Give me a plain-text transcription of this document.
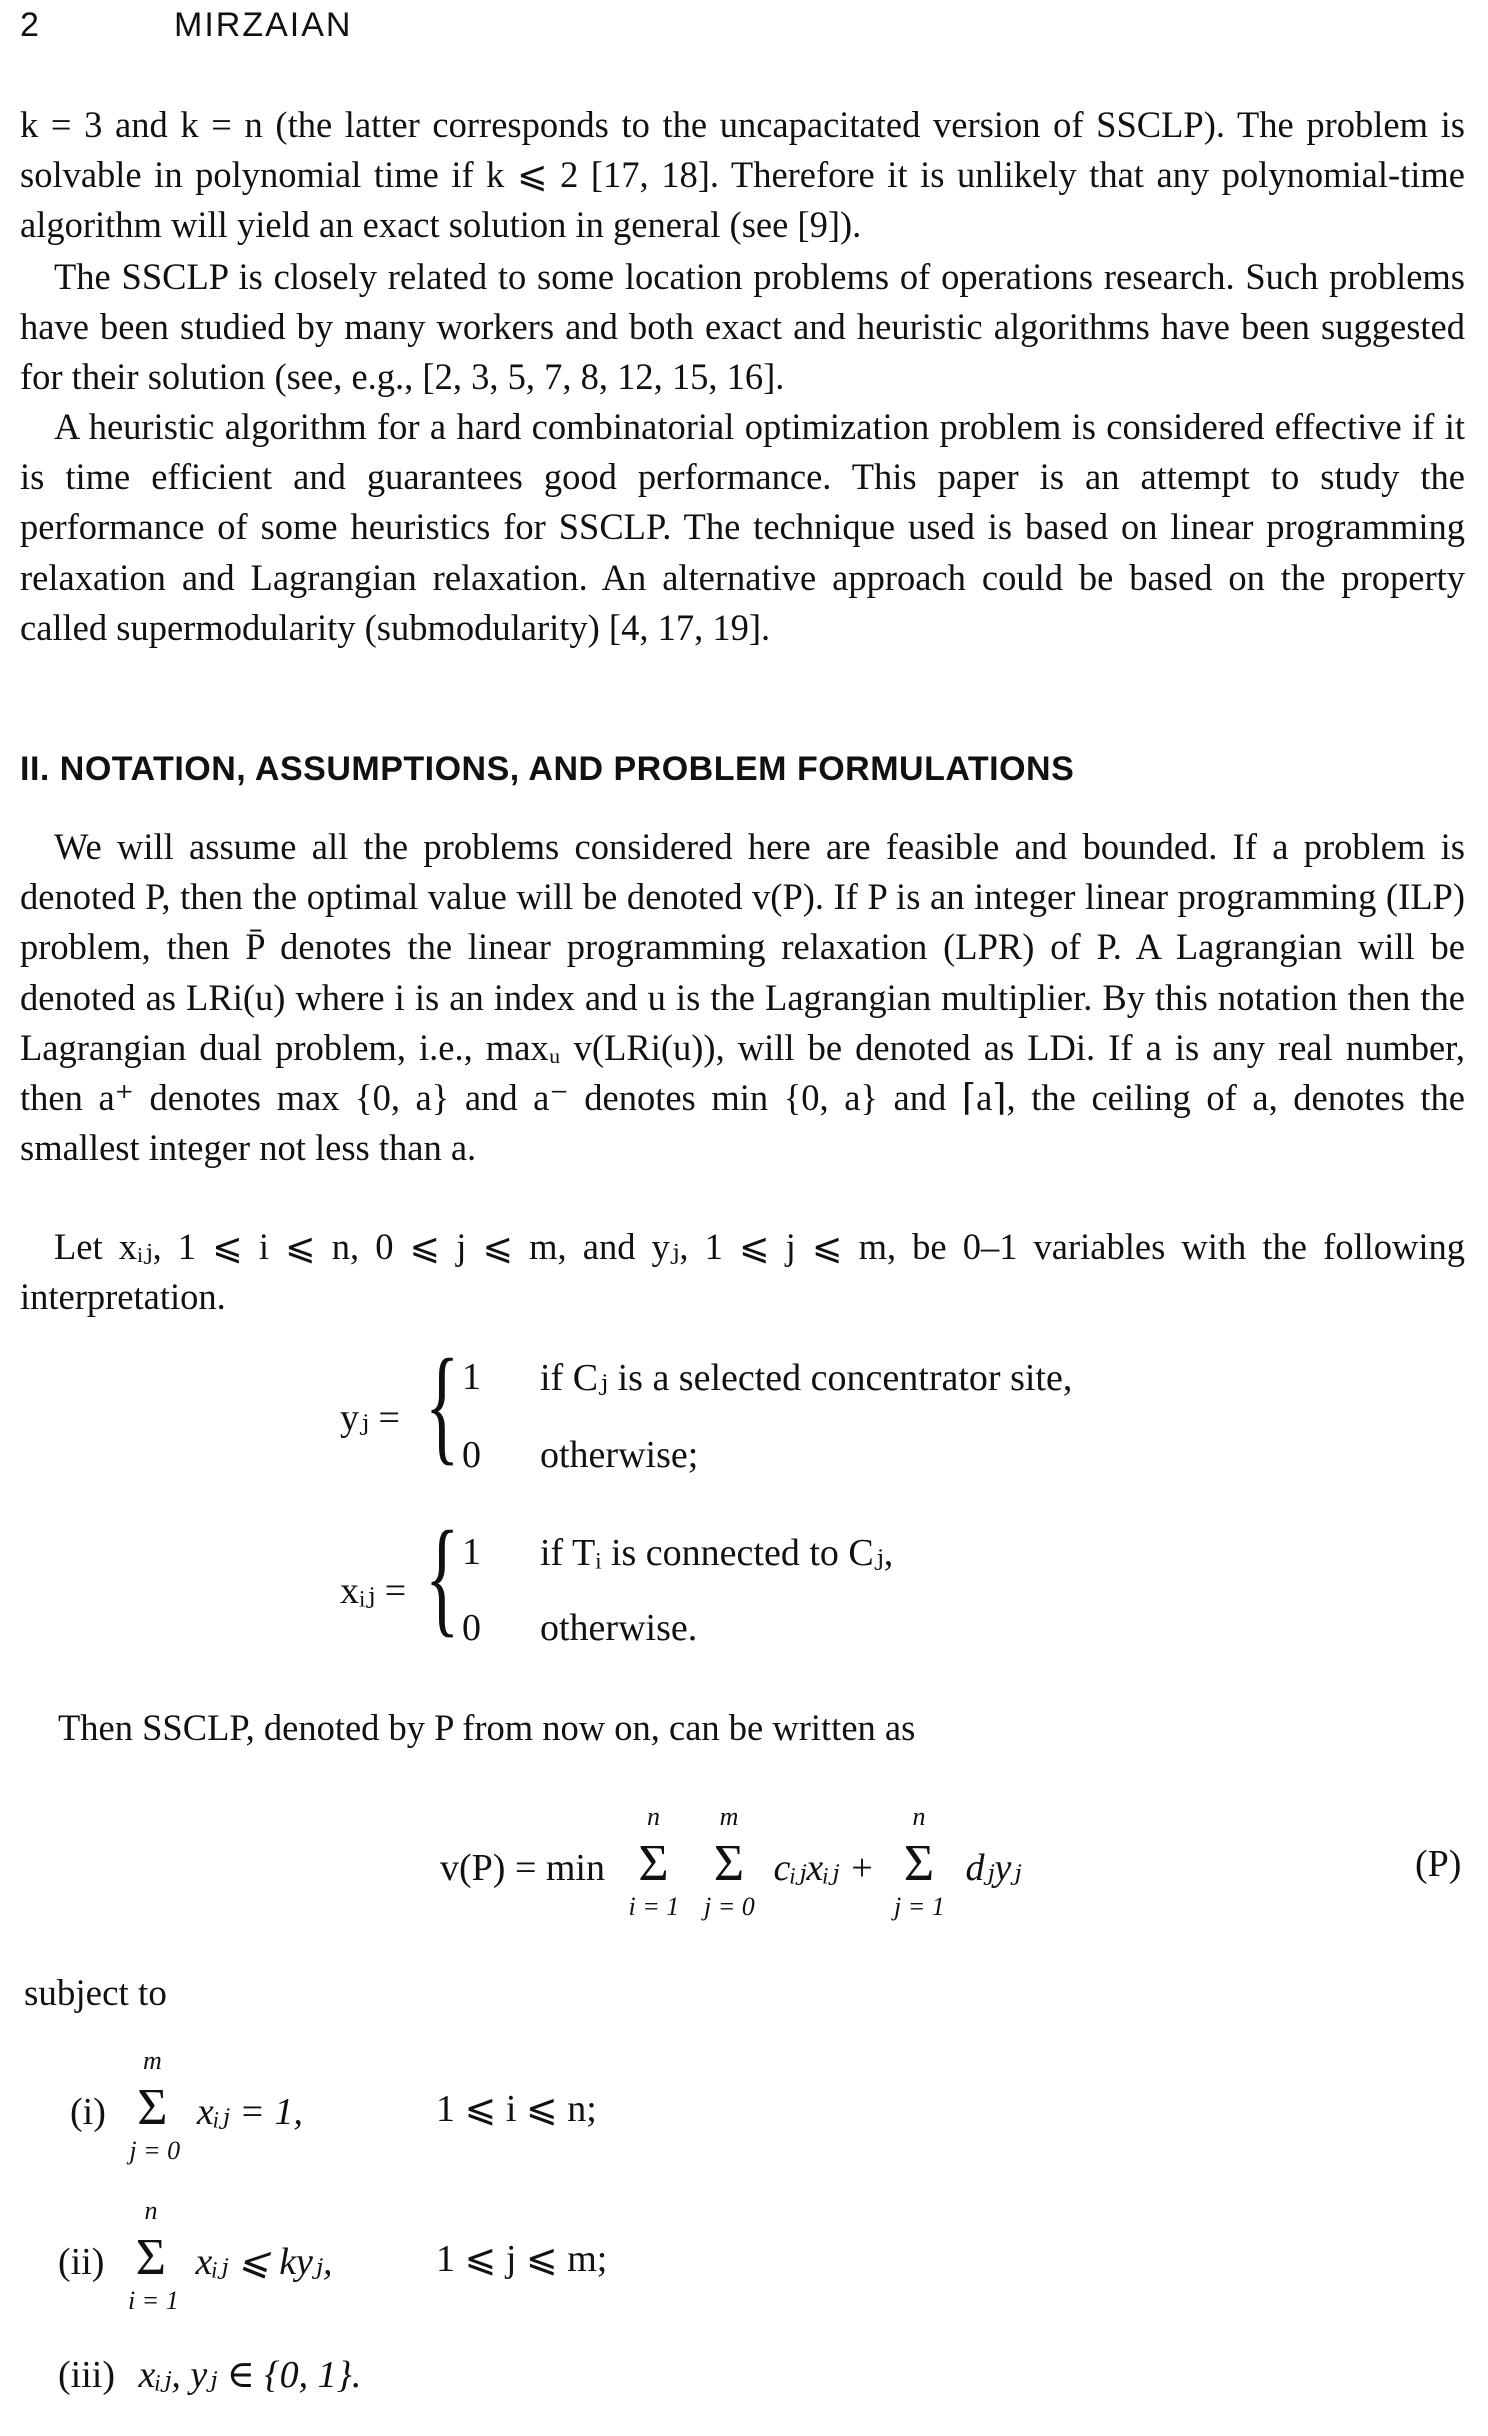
2	MIRZAIAN

k = 3 and k = n (the latter corresponds to the uncapacitated version of SSCLP). The problem is solvable in polynomial time if k ⩽ 2 [17, 18]. Therefore it is unlikely that any polynomial-time algorithm will yield an exact solution in general (see [9]).

The SSCLP is closely related to some location problems of operations research. Such problems have been studied by many workers and both exact and heuristic algorithms have been suggested for their solution (see, e.g., [2, 3, 5, 7, 8, 12, 15, 16].

A heuristic algorithm for a hard combinatorial optimization problem is considered effective if it is time efficient and guarantees good performance. This paper is an attempt to study the performance of some heuristics for SSCLP. The technique used is based on linear programming relaxation and Lagrangian relaxation. An alternative approach could be based on the property called supermodularity (submodularity) [4, 17, 19].

II. NOTATION, ASSUMPTIONS, AND PROBLEM FORMULATIONS

We will assume all the problems considered here are feasible and bounded. If a problem is denoted P, then the optimal value will be denoted v(P). If P is an integer linear programming (ILP) problem, then P̄ denotes the linear programming relaxation (LPR) of P. A Lagrangian will be denoted as LRi(u) where i is an index and u is the Lagrangian multiplier. By this notation then the Lagrangian dual problem, i.e., maxᵤ v(LRi(u)), will be denoted as LDi. If a is any real number, then a⁺ denotes max {0, a} and a⁻ denotes min {0, a} and ⌈a⌉, the ceiling of a, denotes the smallest integer not less than a.

Let xᵢⱼ, 1 ⩽ i ⩽ n, 0 ⩽ j ⩽ m, and yⱼ, 1 ⩽ j ⩽ m, be 0–1 variables with the following interpretation.

yⱼ = { 1 if Cⱼ is a selected concentrator site,
0 otherwise;
xᵢⱼ = { 1 if Tᵢ is connected to Cⱼ,
0 otherwise.

Then SSCLP, denoted by P from now on, can be written as

v(P) = min
n
Σ
i = 1

m
Σ
j = 0
cᵢⱼxᵢⱼ +
n
Σ
j = 1
dⱼyⱼ	(P)
subject to
(i)
m
Σ
j = 0
xᵢⱼ = 1,	1 ⩽ i ⩽ n;
(ii)
n
Σ
i = 1
xᵢⱼ ⩽ kyⱼ,	1 ⩽ j ⩽ m;
(iii) xᵢⱼ, yⱼ ∈ {0, 1}.
